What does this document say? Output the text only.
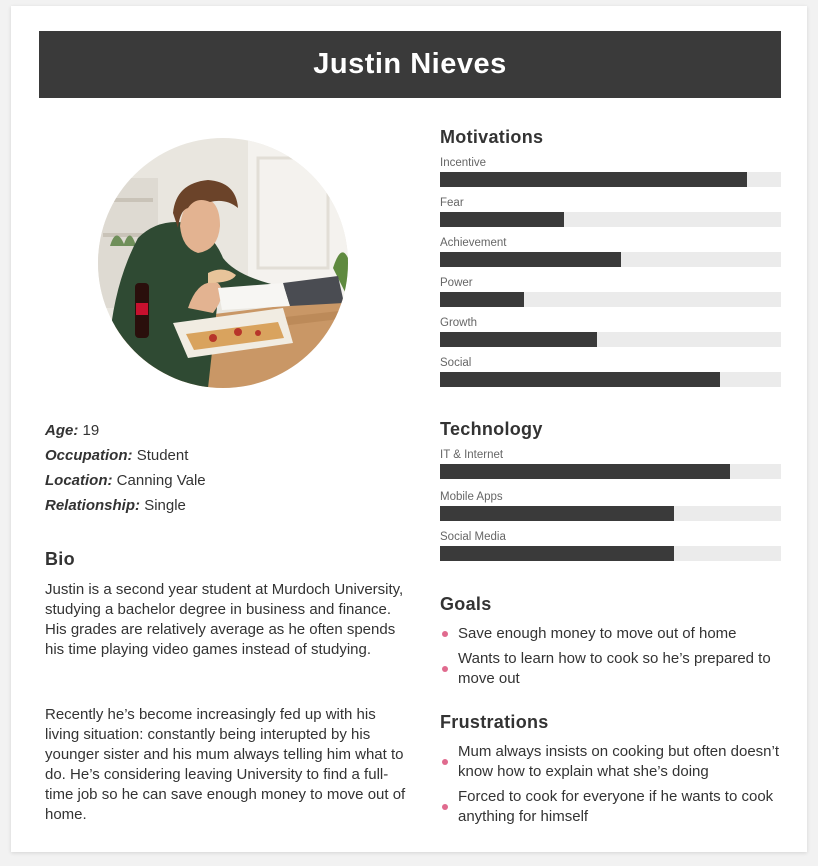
Justin Nieves
Age: 19
Occupation: Student
Location: Canning Vale
Relationship: Single
Bio

Justin is a second year student at Murdoch University, studying a bachelor degree in business and finance. His grades are relatively average as he often spends his time playing video games instead of studying.

Recently he’s become increasingly fed up with his living situation: constantly being interupted by his younger sister and his mum always telling him what to do. He’s considering leaving University to find a full-time job so he can save enough money to move out of home.

Motivations
Incentive
Fear
Achievement
Power
Growth
Social
Technology
IT & Internet
Mobile Apps
Social Media
Goals
Save enough money to move out of home
Wants to learn how to cook so he’s prepared to move out
Frustrations
Mum always insists on cooking but often doesn’t know how to explain what she’s doing
Forced to cook for everyone if he wants to cook anything for himself
